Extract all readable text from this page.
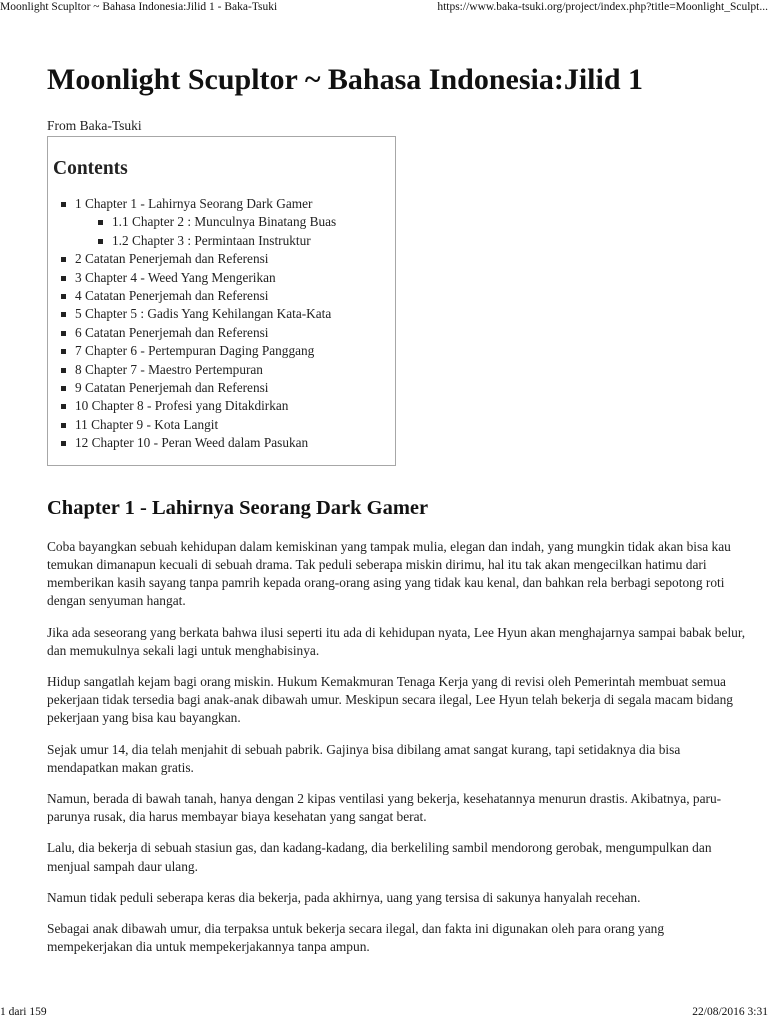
Moonlight Scupltor ~ Bahasa Indonesia:Jilid 1 - Baka-Tsuki	https://www.baka-tsuki.org/project/index.php?title=Moonlight_Sculpt...
Moonlight Scupltor ~ Bahasa Indonesia:Jilid 1
From Baka-Tsuki
Contents
1 Chapter 1 - Lahirnya Seorang Dark Gamer
1.1 Chapter 2 : Munculnya Binatang Buas
1.2 Chapter 3 : Permintaan Instruktur
2 Catatan Penerjemah dan Referensi
3 Chapter 4 - Weed Yang Mengerikan
4 Catatan Penerjemah dan Referensi
5 Chapter 5 : Gadis Yang Kehilangan Kata-Kata
6 Catatan Penerjemah dan Referensi
7 Chapter 6 - Pertempuran Daging Panggang
8 Chapter 7 - Maestro Pertempuran
9 Catatan Penerjemah dan Referensi
10 Chapter 8 - Profesi yang Ditakdirkan
11 Chapter 9 - Kota Langit
12 Chapter 10 - Peran Weed dalam Pasukan
Chapter 1 - Lahirnya Seorang Dark Gamer

Coba bayangkan sebuah kehidupan dalam kemiskinan yang tampak mulia, elegan dan indah, yang mungkin tidak akan bisa kau temukan dimanapun kecuali di sebuah drama. Tak peduli seberapa miskin dirimu, hal itu tak akan mengecilkan hatimu dari memberikan kasih sayang tanpa pamrih kepada orang-orang asing yang tidak kau kenal, dan bahkan rela berbagi sepotong roti dengan senyuman hangat.

Jika ada seseorang yang berkata bahwa ilusi seperti itu ada di kehidupan nyata, Lee Hyun akan menghajarnya sampai babak belur, dan memukulnya sekali lagi untuk menghabisinya.

Hidup sangatlah kejam bagi orang miskin. Hukum Kemakmuran Tenaga Kerja yang di revisi oleh Pemerintah membuat semua pekerjaan tidak tersedia bagi anak-anak dibawah umur. Meskipun secara ilegal, Lee Hyun telah bekerja di segala macam bidang pekerjaan yang bisa kau bayangkan.

Sejak umur 14, dia telah menjahit di sebuah pabrik. Gajinya bisa dibilang amat sangat kurang, tapi setidaknya dia bisa mendapatkan makan gratis.

Namun, berada di bawah tanah, hanya dengan 2 kipas ventilasi yang bekerja, kesehatannya menurun drastis. Akibatnya, paru-parunya rusak, dia harus membayar biaya kesehatan yang sangat berat.

Lalu, dia bekerja di sebuah stasiun gas, dan kadang-kadang, dia berkeliling sambil mendorong gerobak, mengumpulkan dan menjual sampah daur ulang.

Namun tidak peduli seberapa keras dia bekerja, pada akhirnya, uang yang tersisa di sakunya hanyalah recehan.

Sebagai anak dibawah umur, dia terpaksa untuk bekerja secara ilegal, dan fakta ini digunakan oleh para orang yang mempekerjakan dia untuk mempekerjakannya tanpa ampun.

1 dari 159	22/08/2016 3:31
